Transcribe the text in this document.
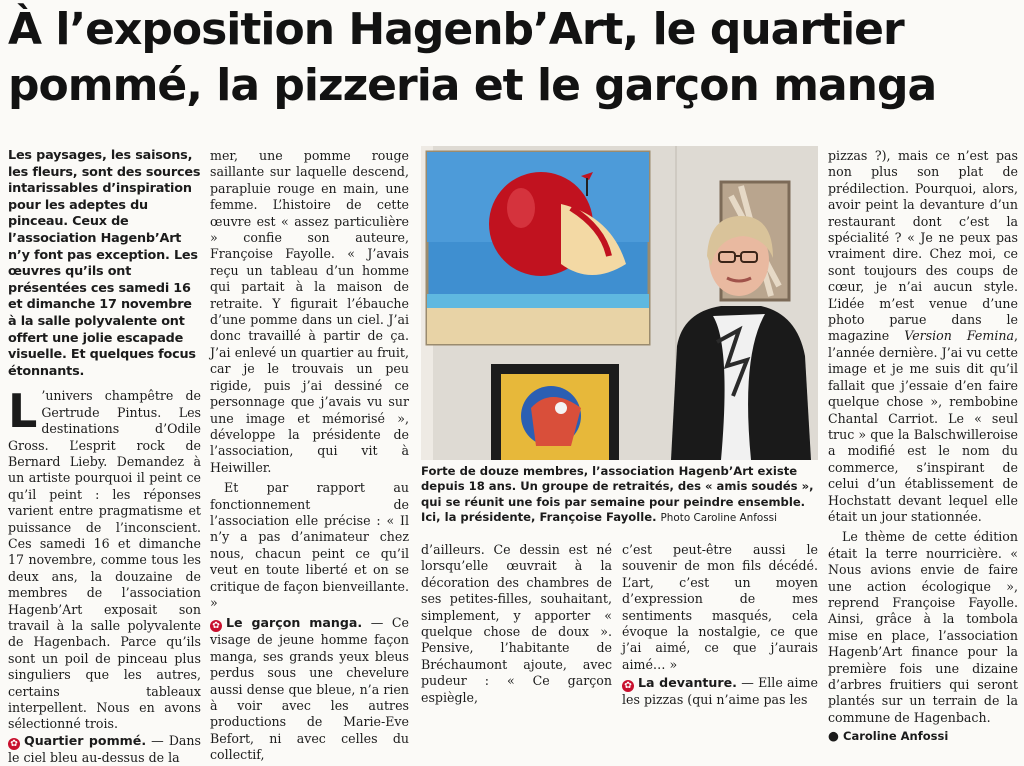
À l’exposition Hagenb’Art, le quartier pommé, la pizzeria et le garçon manga

Les paysages, les saisons, les fleurs, sont des sources intarissables d’inspiration pour les adeptes du pinceau. Ceux de l’association Hagenb’Art n’y font pas exception. Les œuvres qu’ils ont présentées ces samedi 16 et dimanche 17 novembre à la salle polyvalente ont offert une jolie escapade visuelle. Et quelques focus étonnants.

L ’univers champêtre de Gertrude Pintus. Les destinations d’Odile Gross. L’esprit rock de Bernard Lieby. Demandez à un artiste pourquoi il peint ce qu’il peint : les réponses varient entre pragmatisme et puissance de l’inconscient. Ces samedi 16 et dimanche 17 novembre, comme tous les deux ans, la douzaine de membres de l’association Hagenb’Art exposait son travail à la salle polyvalente de Hagenbach. Parce qu’ils sont un poil de pinceau plus singuliers que les autres, certains tableaux interpellent. Nous en avons sélectionné trois.

✿ Quartier pommé. — Dans le ciel bleu au-dessus de la

mer, une pomme rouge saillante sur laquelle descend, parapluie rouge en main, une femme. L’histoire de cette œuvre est « assez particulière » confie son auteure, Françoise Fayolle. « J’avais reçu un tableau d’un homme qui partait à la maison de retraite. Y figurait l’ébauche d’une pomme dans un ciel. J’ai donc travaillé à partir de ça. J’ai enlevé un quartier au fruit, car je le trouvais un peu rigide, puis j’ai dessiné ce personnage que j’avais vu sur une image et mémorisé », développe la présidente de l’association, qui vit à Heiwiller.

Et par rapport au fonctionnement de l’association elle précise : « Il n’y a pas d’animateur chez nous, chacun peint ce qu’il veut en toute liberté et on se critique de façon bienveillante. »

✿ Le garçon manga. — Ce visage de jeune homme façon manga, ses grands yeux bleus perdus sous une chevelure aussi dense que bleue, n’a rien à voir avec les autres productions de Marie-Eve Befort, ni avec celles du collectif,

Forte de douze membres, l’association Hagenb’Art existe depuis 18 ans. Un groupe de retraités, des « amis soudés », qui se réunit une fois par semaine pour peindre ensemble. Ici, la présidente, Françoise Fayolle. Photo Caroline Anfossi

d’ailleurs. Ce dessin est né lorsqu’elle œuvrait à la décoration des chambres de ses petites-filles, souhaitant, simplement, y apporter « quelque chose de doux ». Pensive, l’habitante de Bréchaumont ajoute, avec pudeur : « Ce garçon espiègle,

c’est peut-être aussi le souvenir de mon fils décédé. L’art, c’est un moyen d’expression de mes sentiments masqués, cela évoque la nostalgie, ce que j’ai aimé, ce que j’aurais aimé… »

✿ La devanture. — Elle aime les pizzas (qui n’aime pas les

pizzas ?), mais ce n’est pas non plus son plat de prédilection. Pourquoi, alors, avoir peint la devanture d’un restaurant dont c’est la spécialité ? « Je ne peux pas vraiment dire. Chez moi, ce sont toujours des coups de cœur, je n’ai aucun style. L’idée m’est venue d’une photo parue dans le magazine Version Femina, l’année dernière. J’ai vu cette image et je me suis dit qu’il fallait que j’essaie d’en faire quelque chose », rembobine Chantal Carriot. Le « seul truc » que la Balschwilleroise a modifié est le nom du commerce, s’inspirant de celui d’un établissement de Hochstatt devant lequel elle était un jour stationnée.

Le thème de cette édition était la terre nourricière. « Nous avions envie de faire une action écologique », reprend Françoise Fayolle. Ainsi, grâce à la tombola mise en place, l’association Hagenb’Art finance pour la première fois une dizaine d’arbres fruitiers qui seront plantés sur un terrain de la commune de Hagenbach.

● Caroline Anfossi
